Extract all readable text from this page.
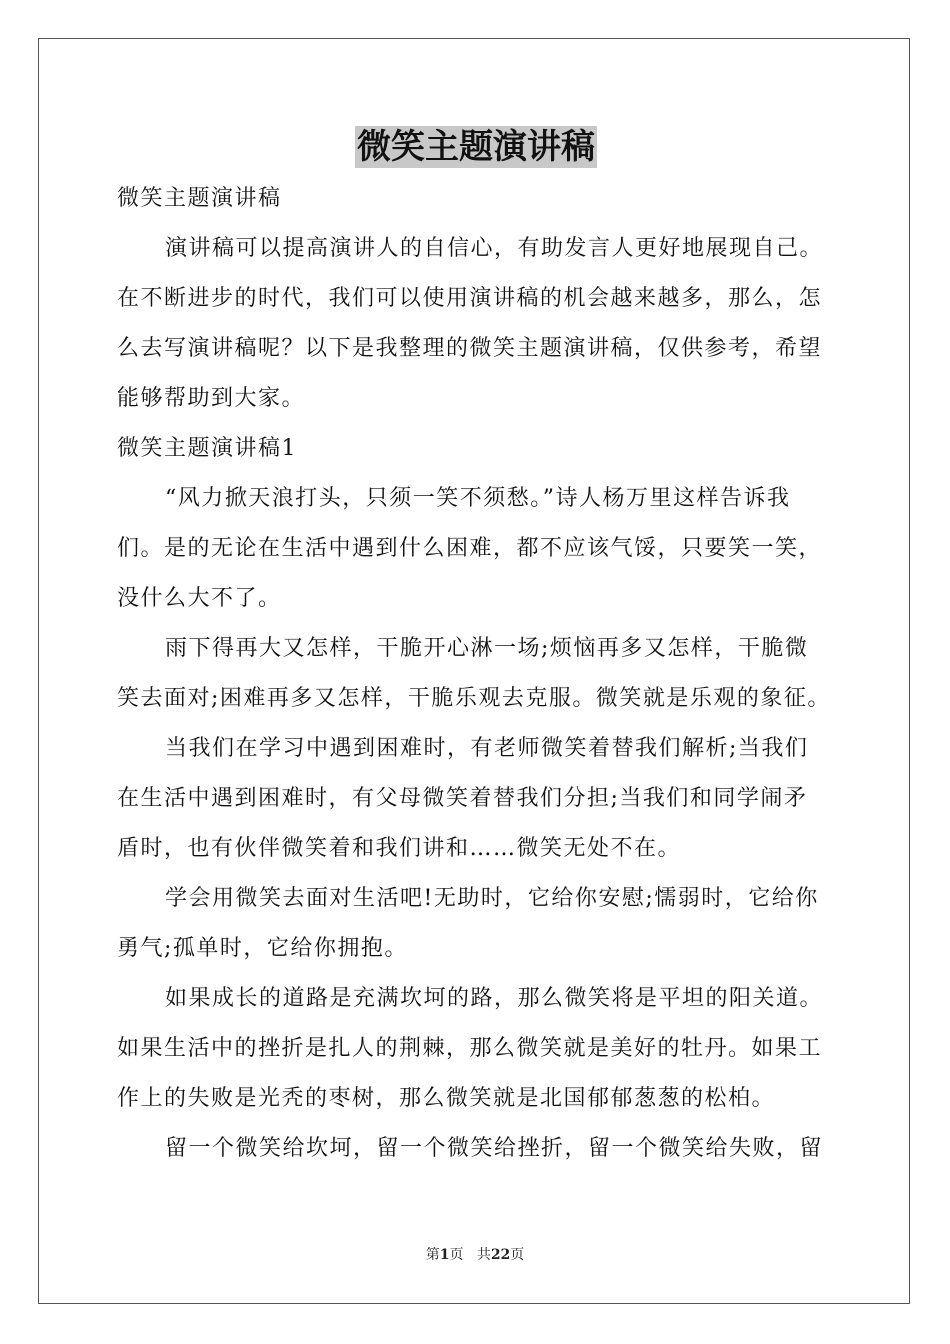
微笑主题演讲稿
微笑主题演讲稿
演讲稿可以提高演讲人的自信心，有助发言人更好地展现自己。
在不断进步的时代，我们可以使用演讲稿的机会越来越多，那么，怎
么去写演讲稿呢？以下是我整理的微笑主题演讲稿，仅供参考，希望
能够帮助到大家。
微笑主题演讲稿1
“风力掀天浪打头，只须一笑不须愁。”诗人杨万里这样告诉我
们。是的无论在生活中遇到什么困难，都不应该气馁，只要笑一笑，
没什么大不了。
雨下得再大又怎样，干脆开心淋一场;烦恼再多又怎样，干脆微
笑去面对;困难再多又怎样，干脆乐观去克服。微笑就是乐观的象征。
当我们在学习中遇到困难时，有老师微笑着替我们解析;当我们
在生活中遇到困难时，有父母微笑着替我们分担;当我们和同学闹矛
盾时，也有伙伴微笑着和我们讲和……微笑无处不在。
学会用微笑去面对生活吧!无助时，它给你安慰;懦弱时，它给你
勇气;孤单时，它给你拥抱。
如果成长的道路是充满坎坷的路，那么微笑将是平坦的阳关道。
如果生活中的挫折是扎人的荆棘，那么微笑就是美好的牡丹。如果工
作上的失败是光秃的枣树，那么微笑就是北国郁郁葱葱的松柏。
留一个微笑给坎坷，留一个微笑给挫折，留一个微笑给失败，留
第1页 共22页
